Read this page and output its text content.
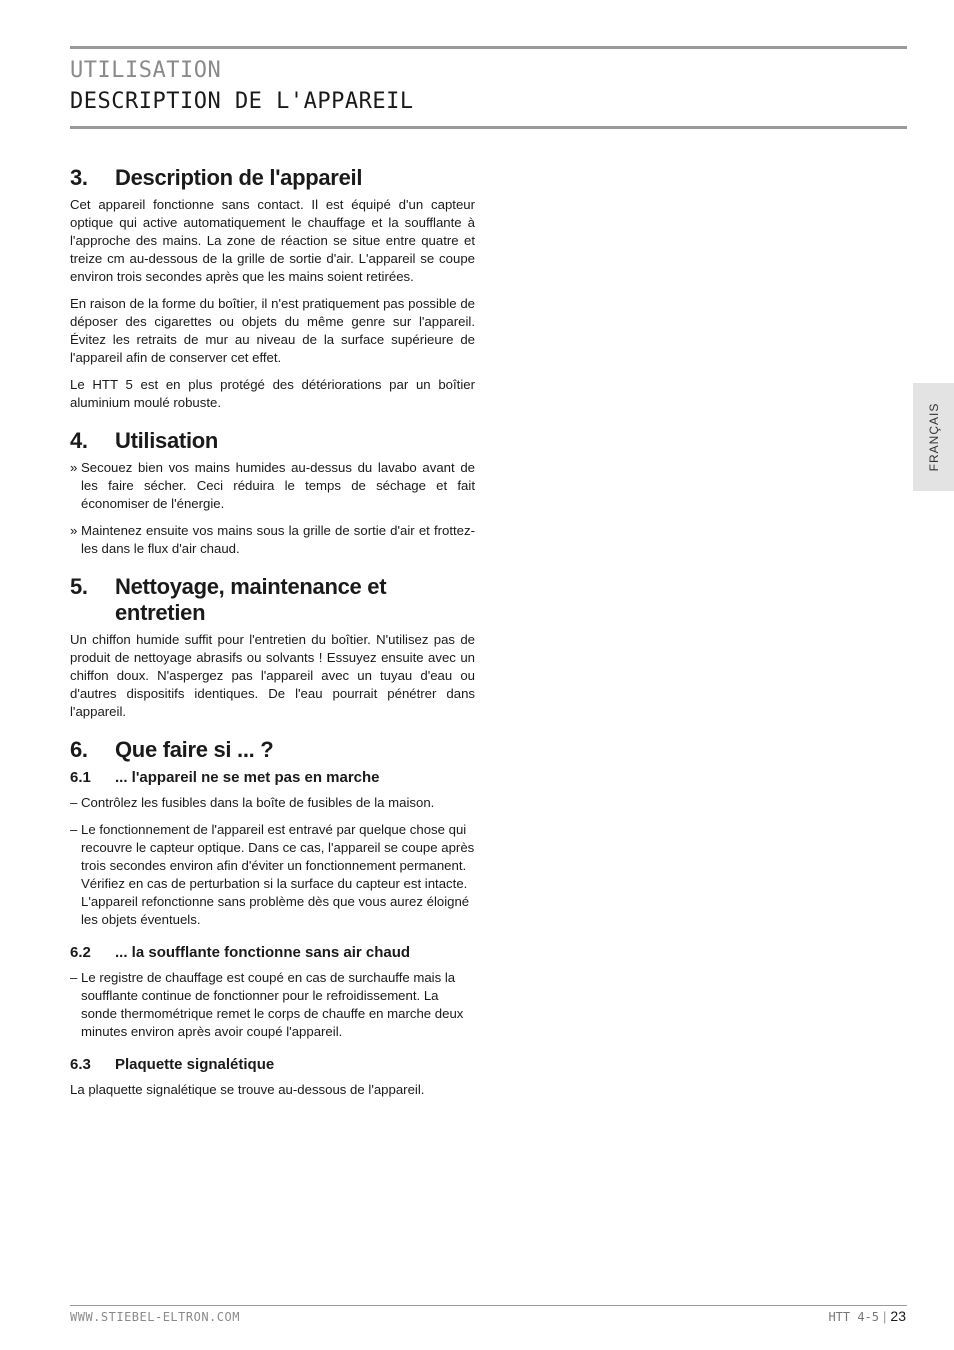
UTILISATION
DESCRIPTION DE L'APPAREIL
FRANÇAIS
3.	Description de l'appareil

Cet appareil fonctionne sans contact. Il est équipé d'un capteur optique qui active automatiquement le chauffage et la soufflante à l'approche des mains. La zone de réaction se situe entre quatre et treize cm au-dessous de la grille de sortie d'air. L'appareil se coupe environ trois secondes après que les mains soient retirées.

En raison de la forme du boîtier, il n'est pratiquement pas possible de déposer des cigarettes ou objets du même genre sur l'appareil. Évitez les retraits de mur au niveau de la surface supérieure de l'appareil afin de conserver cet effet.

Le HTT 5 est en plus protégé des détériorations par un boîtier aluminium moulé robuste.

4.	Utilisation
» Secouez bien vos mains humides au-dessus du lavabo avant de les faire sécher. Ceci réduira le temps de séchage et fait économiser de l'énergie.
» Maintenez ensuite vos mains sous la grille de sortie d'air et frottez-les dans le flux d'air chaud.
5.	Nettoyage, maintenance et entretien

Un chiffon humide suffit pour l'entretien du boîtier. N'utilisez pas de produit de nettoyage abrasifs ou solvants ! Essuyez ensuite avec un chiffon doux. N'aspergez pas l'appareil avec un tuyau d'eau ou d'autres dispositifs identiques. De l'eau pourrait pénétrer dans l'appareil.

6.	Que faire si ... ?
6.1	... l'appareil ne se met pas en marche
– Contrôlez les fusibles dans la boîte de fusibles de la maison.
– Le fonctionnement de l'appareil est entravé par quelque chose qui recouvre le capteur optique. Dans ce cas, l'appareil se coupe après trois secondes environ afin d'éviter un fonctionnement permanent. Vérifiez en cas de perturbation si la surface du capteur est intacte. L'appareil refonctionne sans problème dès que vous aurez éloigné les objets éventuels.
6.2	... la soufflante fonctionne sans air chaud
– Le registre de chauffage est coupé en cas de surchauffe mais la soufflante continue de fonctionner pour le refroidissement. La sonde thermométrique remet le corps de chauffe en marche deux minutes environ après avoir coupé l'appareil.
6.3	Plaquette signalétique

La plaquette signalétique se trouve au-dessous de l'appareil.

WWW.STIEBEL-ELTRON.COM	HTT 4-5 | 23
